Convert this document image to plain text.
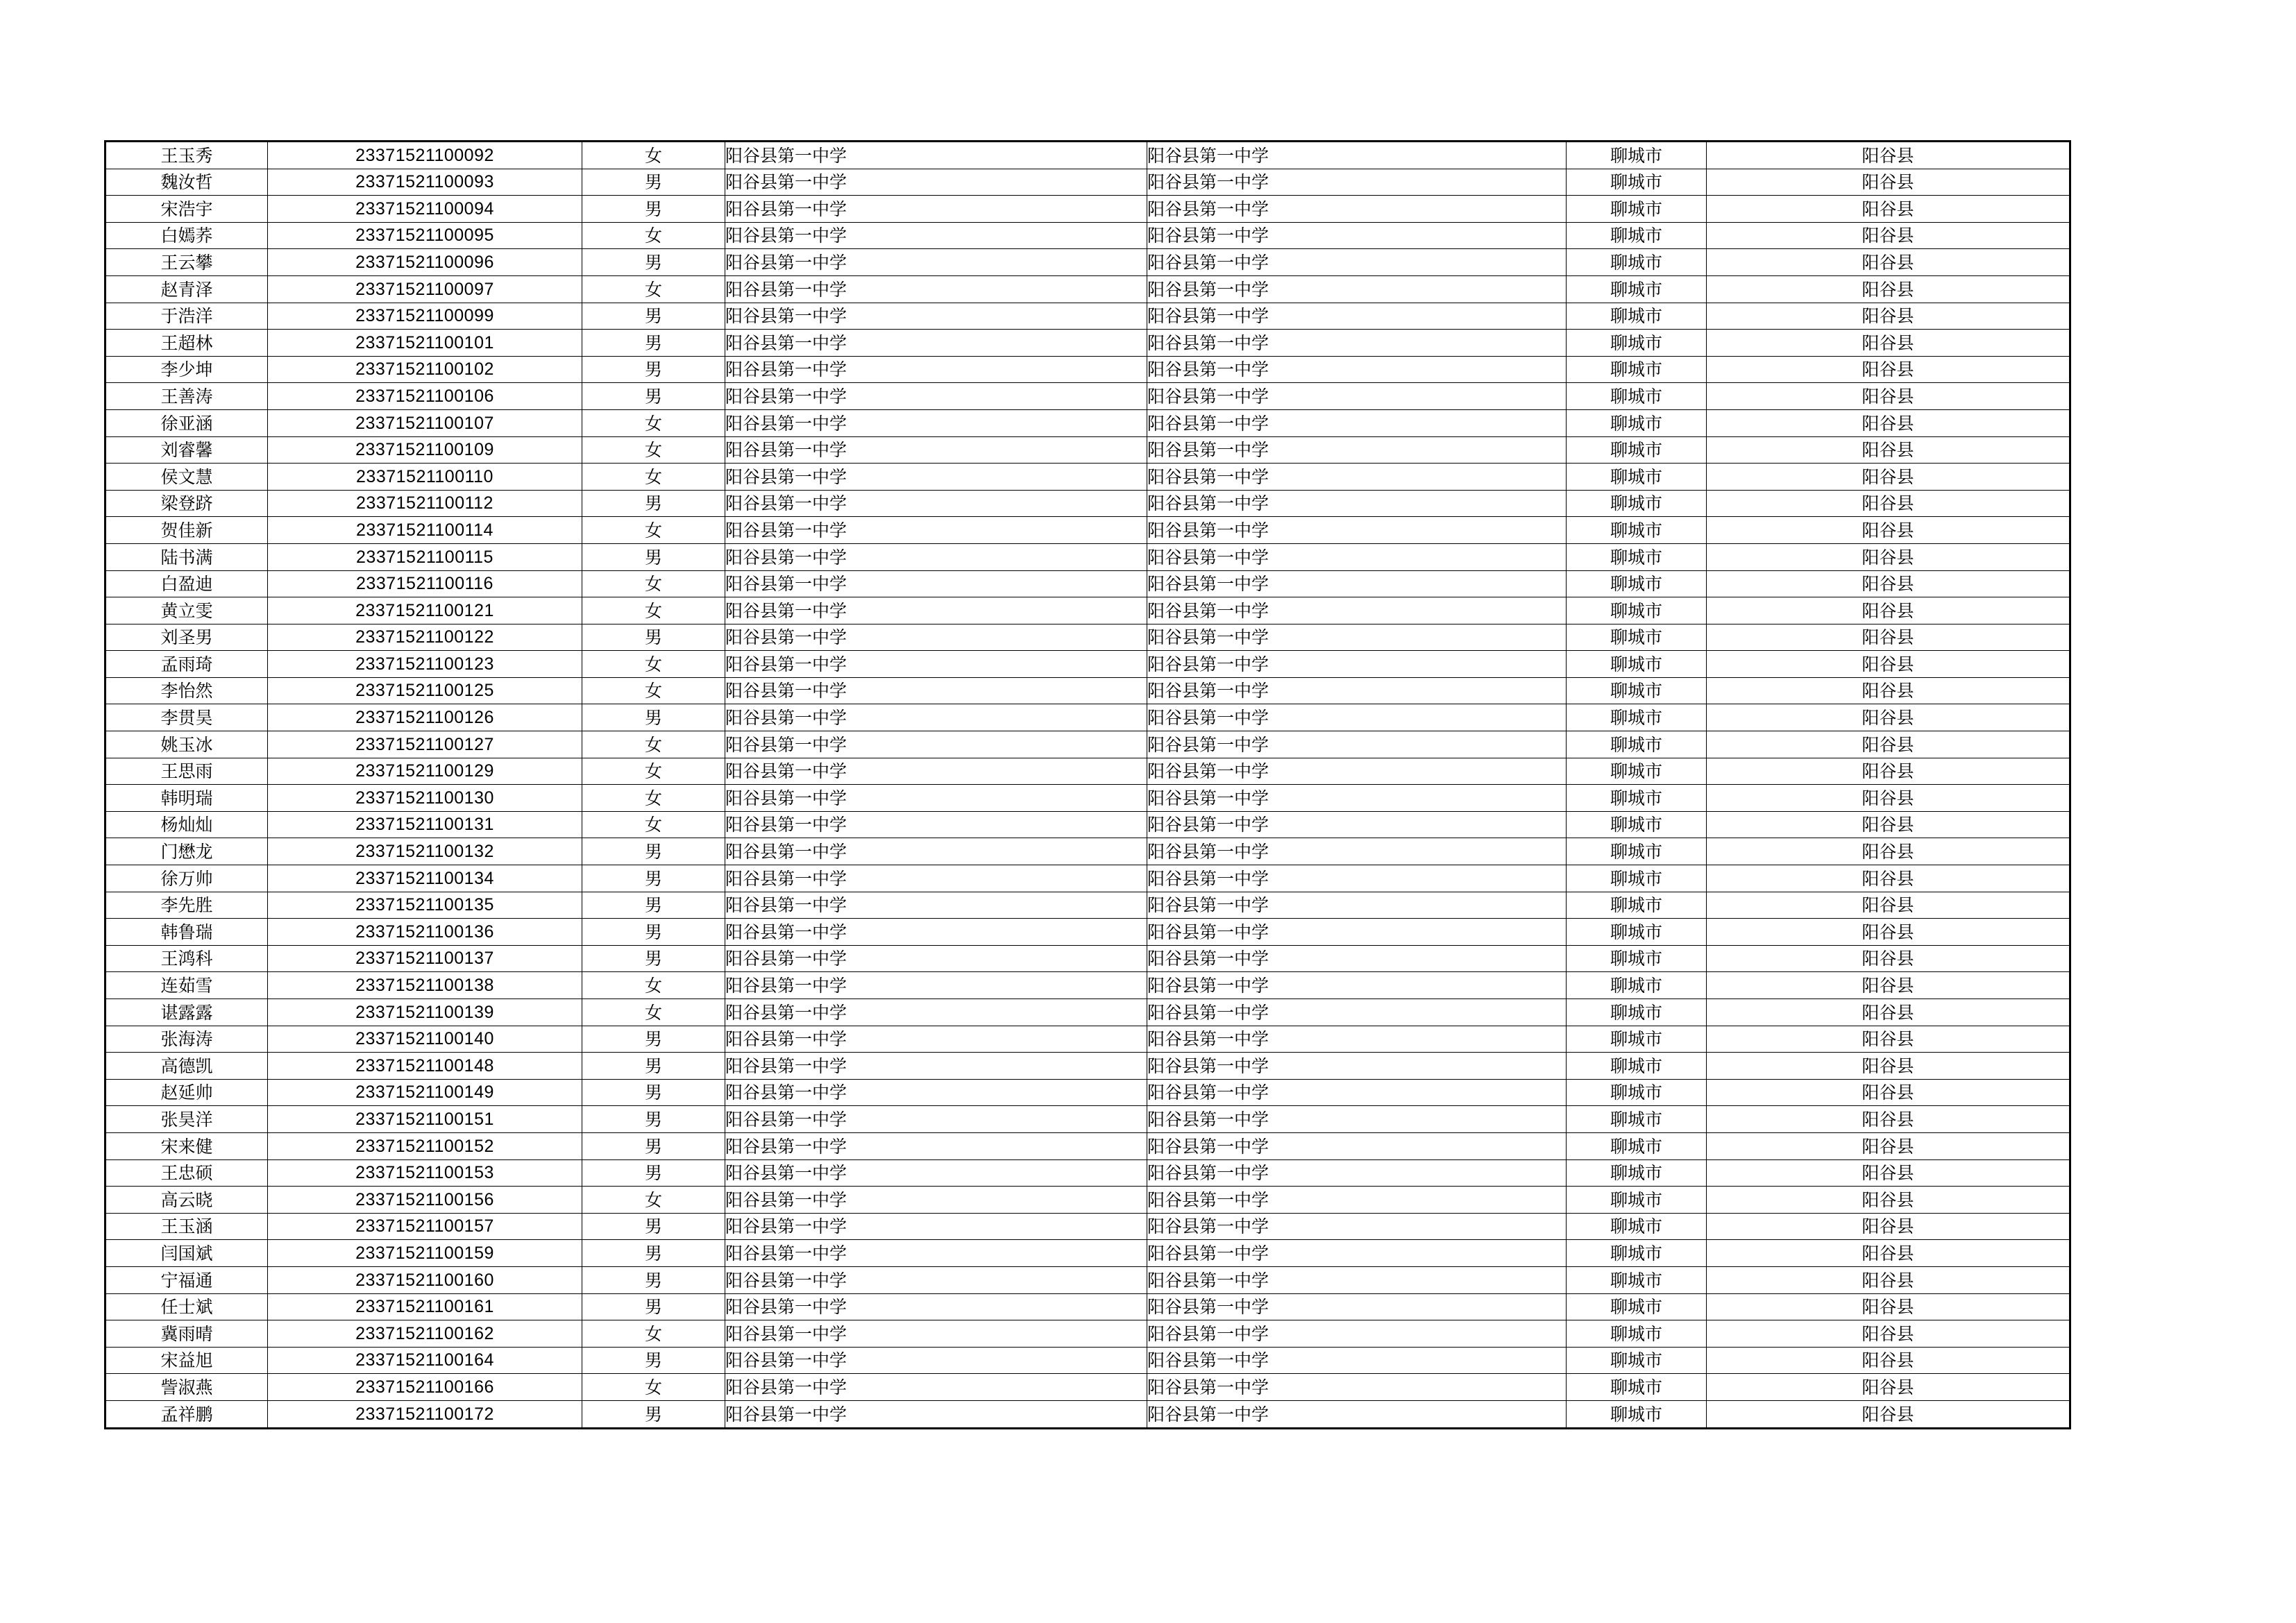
王玉秀	23371521100092	女	阳谷县第一中学	阳谷县第一中学	聊城市	阳谷县
魏汝哲	23371521100093	男	阳谷县第一中学	阳谷县第一中学	聊城市	阳谷县
宋浩宇	23371521100094	男	阳谷县第一中学	阳谷县第一中学	聊城市	阳谷县
白嫣荞	23371521100095	女	阳谷县第一中学	阳谷县第一中学	聊城市	阳谷县
王云攀	23371521100096	男	阳谷县第一中学	阳谷县第一中学	聊城市	阳谷县
赵青泽	23371521100097	女	阳谷县第一中学	阳谷县第一中学	聊城市	阳谷县
于浩洋	23371521100099	男	阳谷县第一中学	阳谷县第一中学	聊城市	阳谷县
王超林	23371521100101	男	阳谷县第一中学	阳谷县第一中学	聊城市	阳谷县
李少坤	23371521100102	男	阳谷县第一中学	阳谷县第一中学	聊城市	阳谷县
王善涛	23371521100106	男	阳谷县第一中学	阳谷县第一中学	聊城市	阳谷县
徐亚涵	23371521100107	女	阳谷县第一中学	阳谷县第一中学	聊城市	阳谷县
刘睿馨	23371521100109	女	阳谷县第一中学	阳谷县第一中学	聊城市	阳谷县
侯文慧	23371521100110	女	阳谷县第一中学	阳谷县第一中学	聊城市	阳谷县
梁登跻	23371521100112	男	阳谷县第一中学	阳谷县第一中学	聊城市	阳谷县
贺佳新	23371521100114	女	阳谷县第一中学	阳谷县第一中学	聊城市	阳谷县
陆书满	23371521100115	男	阳谷县第一中学	阳谷县第一中学	聊城市	阳谷县
白盈迪	23371521100116	女	阳谷县第一中学	阳谷县第一中学	聊城市	阳谷县
黄立雯	23371521100121	女	阳谷县第一中学	阳谷县第一中学	聊城市	阳谷县
刘圣男	23371521100122	男	阳谷县第一中学	阳谷县第一中学	聊城市	阳谷县
孟雨琦	23371521100123	女	阳谷县第一中学	阳谷县第一中学	聊城市	阳谷县
李怡然	23371521100125	女	阳谷县第一中学	阳谷县第一中学	聊城市	阳谷县
李贯昊	23371521100126	男	阳谷县第一中学	阳谷县第一中学	聊城市	阳谷县
姚玉冰	23371521100127	女	阳谷县第一中学	阳谷县第一中学	聊城市	阳谷县
王思雨	23371521100129	女	阳谷县第一中学	阳谷县第一中学	聊城市	阳谷县
韩明瑞	23371521100130	女	阳谷县第一中学	阳谷县第一中学	聊城市	阳谷县
杨灿灿	23371521100131	女	阳谷县第一中学	阳谷县第一中学	聊城市	阳谷县
门懋龙	23371521100132	男	阳谷县第一中学	阳谷县第一中学	聊城市	阳谷县
徐万帅	23371521100134	男	阳谷县第一中学	阳谷县第一中学	聊城市	阳谷县
李先胜	23371521100135	男	阳谷县第一中学	阳谷县第一中学	聊城市	阳谷县
韩鲁瑞	23371521100136	男	阳谷县第一中学	阳谷县第一中学	聊城市	阳谷县
王鸿科	23371521100137	男	阳谷县第一中学	阳谷县第一中学	聊城市	阳谷县
连茹雪	23371521100138	女	阳谷县第一中学	阳谷县第一中学	聊城市	阳谷县
谌露露	23371521100139	女	阳谷县第一中学	阳谷县第一中学	聊城市	阳谷县
张海涛	23371521100140	男	阳谷县第一中学	阳谷县第一中学	聊城市	阳谷县
高德凯	23371521100148	男	阳谷县第一中学	阳谷县第一中学	聊城市	阳谷县
赵延帅	23371521100149	男	阳谷县第一中学	阳谷县第一中学	聊城市	阳谷县
张昊洋	23371521100151	男	阳谷县第一中学	阳谷县第一中学	聊城市	阳谷县
宋来健	23371521100152	男	阳谷县第一中学	阳谷县第一中学	聊城市	阳谷县
王忠硕	23371521100153	男	阳谷县第一中学	阳谷县第一中学	聊城市	阳谷县
高云晓	23371521100156	女	阳谷县第一中学	阳谷县第一中学	聊城市	阳谷县
王玉涵	23371521100157	男	阳谷县第一中学	阳谷县第一中学	聊城市	阳谷县
闫国斌	23371521100159	男	阳谷县第一中学	阳谷县第一中学	聊城市	阳谷县
宁福通	23371521100160	男	阳谷县第一中学	阳谷县第一中学	聊城市	阳谷县
任士斌	23371521100161	男	阳谷县第一中学	阳谷县第一中学	聊城市	阳谷县
冀雨晴	23371521100162	女	阳谷县第一中学	阳谷县第一中学	聊城市	阳谷县
宋益旭	23371521100164	男	阳谷县第一中学	阳谷县第一中学	聊城市	阳谷县
訾淑燕	23371521100166	女	阳谷县第一中学	阳谷县第一中学	聊城市	阳谷县
孟祥鹏	23371521100172	男	阳谷县第一中学	阳谷县第一中学	聊城市	阳谷县
